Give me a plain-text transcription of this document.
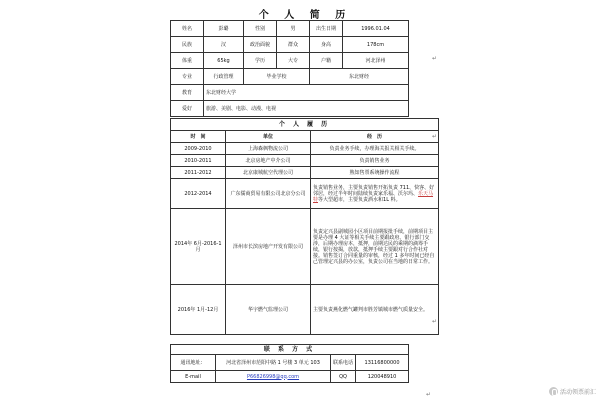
个 人 简 历
姓名	彭璐	性别	男	出生日期	1996.01.04
民族	汉	政治面貌	群众	身高	178cm
体重	65kg	学历	大专	户籍	河北泽州
专业	行政管理	毕业学校		东北财经	
教育	东北财经大学				
爱好	旅游、美剧、电影、动漫、电视				
个 人 履 历		
时　间	单位	经　历
2009-2010	上海森枫物流公司	负责业务手续，办理海关报关相关手续。
2010-2011	北京房地产中介公司	负责销售业务
2011-2012	北京康城航空代理公司	熟知售票系统操作流程
2012-2014	广东儒商贸易有限公司北京分公司	负责销售业务，主要负责销售开拓负责 711、快客、好邻居，经过半年时间陆续负责家乐福、沃尔玛、乐天马特等大型超市，主要负责酒水和1L 料。
2014年 6月-2016-1月	泽州市长滨房地产开发有限公司	负责定兴县副城园小区项目前期报批手续，前期项目主要是办理 4 大证等相关手续主要跟政府、银行部门交涉，后期办理房本，抵押，前期达民的乘期的滴筹手续，银行按揭，放款，抵押手续主要跟对行合作社对接。销售签订合同重量的审核，经过 1 多年时间已经自己管理定兴县的办公室，负责公司在当地的日常工作。
2016年 1月-12月	华宇燃气监理公司	主要负责燕化燃气罐判市胜芳镇城市燃气质量安全。
联 系 方 式			
通讯地址：	河北省泽州市范阳中路 1 号楼 3 单元 103	联系电话	13116800000
E-mail	P66826998@qq.com	QQ	120048910
↵
↵
↵
↵	活动领票前汇
